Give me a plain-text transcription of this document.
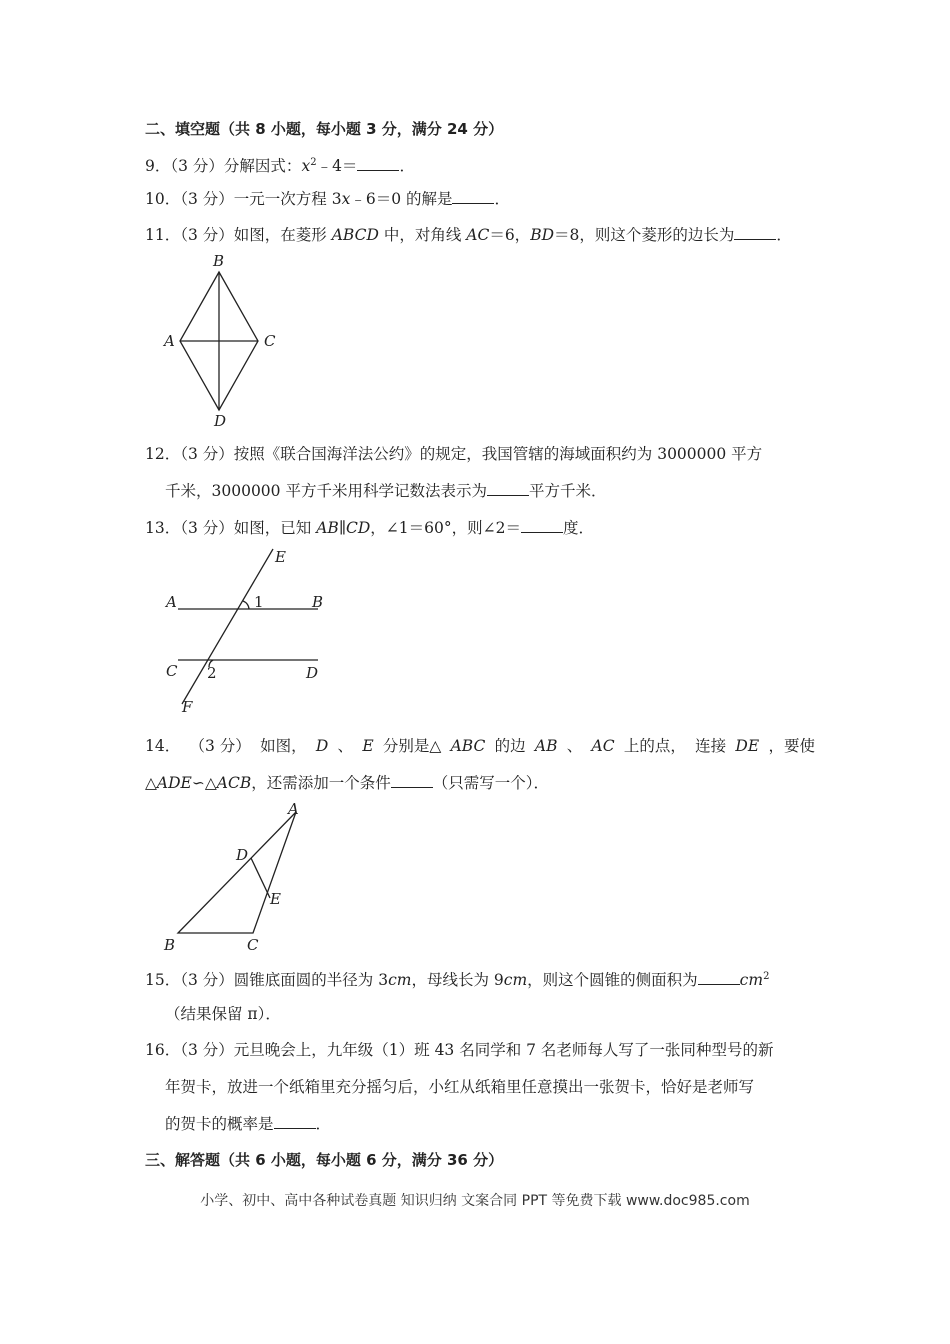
二、填空题（共 8 小题，每小题 3 分，满分 24 分）
9．（3 分）分解因式：$x^2﹣4=$	．
10．（3 分）一元一次方程 3x﹣6＝0 的解是	．
11．（3 分）如图，在菱形 ABCD 中，对角线 AC＝6，BD＝8，则这个菱形的边长为	．
B
A	C
D
12．（3 分）按照《联合国海洋法公约》的规定，我国管辖的海域面积约为 3000000 平方
千米，3000000 平方千米用科学记数法表示为	平方千米．
13．（3 分）如图，已知 AB∥CD，∠1＝60°，则∠2＝	度．
E
A	1	B
C 2	D
F
14． （3 分） 如图， D 、 E 分别是△ ABC 的边 AB 、 AC 上的点， 连接 DE ，要使
△ADE∽△ACB，还需添加一个条件	（只需写一个）．
A
D
E
B	C
15．（3 分）圆锥底面圆的半径为 3cm，母线长为 9cm，则这个圆锥的侧面积为	$cm^2$
（结果保留 π）．
16．（3 分）元旦晚会上，九年级（1）班 43 名同学和 7 名老师每人写了一张同种型号的新
年贺卡，放进一个纸箱里充分摇匀后，小红从纸箱里任意摸出一张贺卡，恰好是老师写
的贺卡的概率是	．
三、解答题（共 6 小题，每小题 6 分，满分 36 分）
小学、初中、高中各种试卷真题 知识归纳 文案合同 PPT 等免费下载 www.doc985.com
